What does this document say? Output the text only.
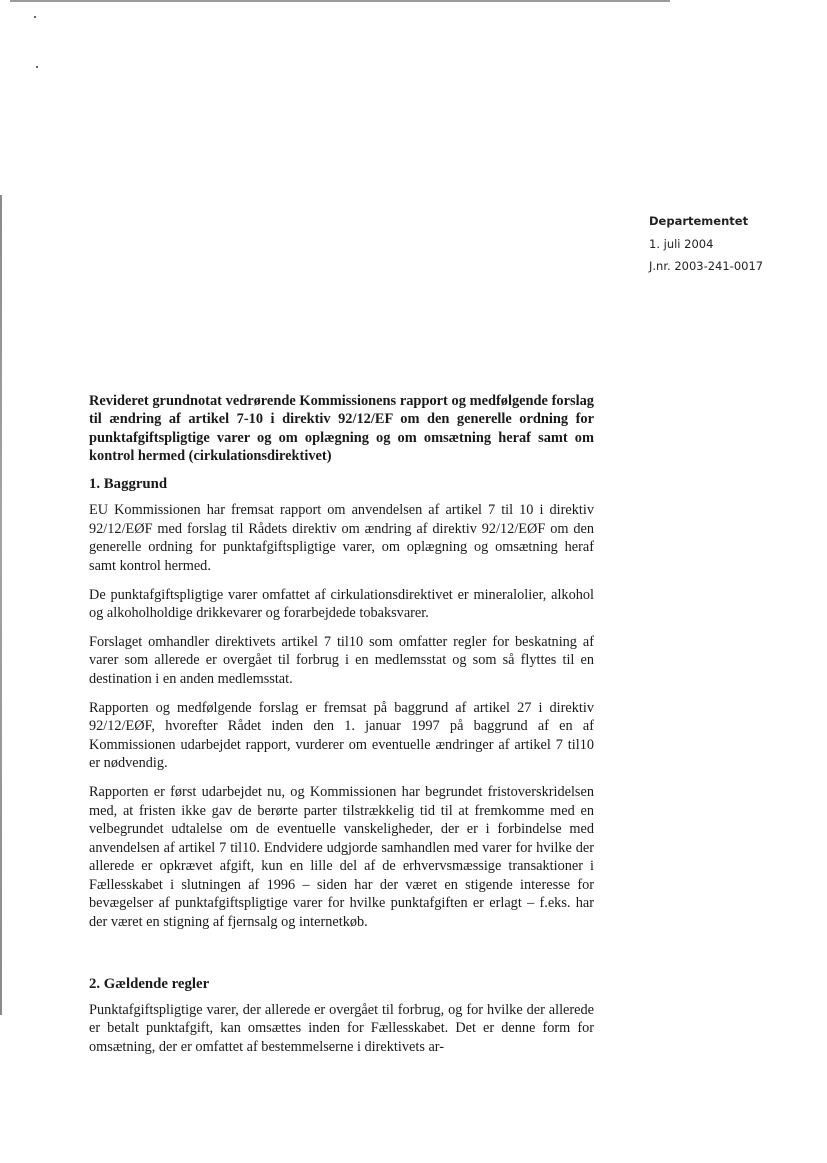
Departementet
1. juli 2004
J.nr. 2003-241-0017
Revideret grundnotat vedrørende Kommissionens rapport og medfølgende forslag til ændring af artikel 7-10 i direktiv 92/12/EF om den generelle ordning for punktafgiftspligtige varer og om oplægning og om omsætning heraf samt om kontrol hermed (cirkulationsdirektivet)
1. Baggrund

EU Kommissionen har fremsat rapport om anvendelsen af artikel 7 til 10 i direktiv 92/12/EØF med forslag til Rådets direktiv om ændring af direktiv 92/12/EØF om den generelle ordning for punktafgiftspligtige varer, om oplægning og omsætning heraf samt kontrol hermed.

De punktafgiftspligtige varer omfattet af cirkulationsdirektivet er mineralolier, alkohol og alkoholholdige drikkevarer og forarbejdede tobaksvarer.

Forslaget omhandler direktivets artikel 7 til10 som omfatter regler for beskatning af varer som allerede er overgået til forbrug i en medlemsstat og som så flyttes til en destination i en anden medlemsstat.

Rapporten og medfølgende forslag er fremsat på baggrund af artikel 27 i direktiv 92/12/EØF, hvorefter Rådet inden den 1. januar 1997 på baggrund af en af Kommissionen udarbejdet rapport, vurderer om eventuelle ændringer af artikel 7 til10 er nødvendig.

Rapporten er først udarbejdet nu, og Kommissionen har begrundet fristoverskridelsen med, at fristen ikke gav de berørte parter tilstrækkelig tid til at fremkomme med en velbegrundet udtalelse om de eventuelle vanskeligheder, der er i forbindelse med anvendelsen af artikel 7 til10. Endvidere udgjorde samhandlen med varer for hvilke der allerede er opkrævet afgift, kun en lille del af de erhvervsmæssige transaktioner i Fællesskabet i slutningen af 1996 – siden har der været en stigende interesse for bevægelser af punktafgiftspligtige varer for hvilke punktafgiften er erlagt – f.eks. har der været en stigning af fjernsalg og internetkøb.

2. Gældende regler

Punktafgiftspligtige varer, der allerede er overgået til forbrug, og for hvilke der allerede er betalt punktafgift, kan omsættes inden for Fællesskabet. Det er denne form for omsætning, der er omfattet af bestemmelserne i direktivets ar-
